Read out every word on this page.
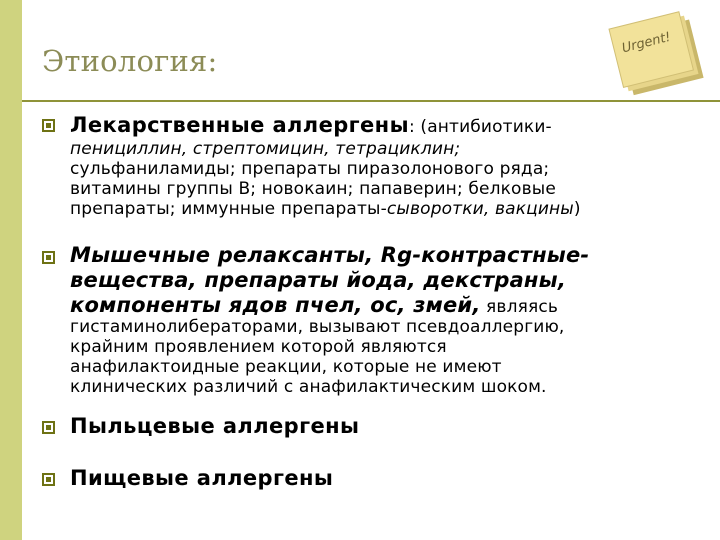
Этиология:
Urgent!
Лекарственные аллергены: (антибиотики-
пенициллин, стрептомицин, тетрациклин;
сульфаниламиды; препараты пиразолонового ряда;
витамины группы В; новокаин; папаверин; белковые
препараты; иммунные препараты-сыворотки, вакцины)
Мышечные релаксанты, Rg-контрастные-
вещества, препараты йода, декстраны,
компоненты ядов пчел, ос, змей, являясь
гистаминолибераторами, вызывают псевдоаллергию,
крайним проявлением которой являются
анафилактоидные реакции, которые не имеют
клинических различий с анафилактическим шоком.
Пыльцевые аллергены
Пищевые аллергены
